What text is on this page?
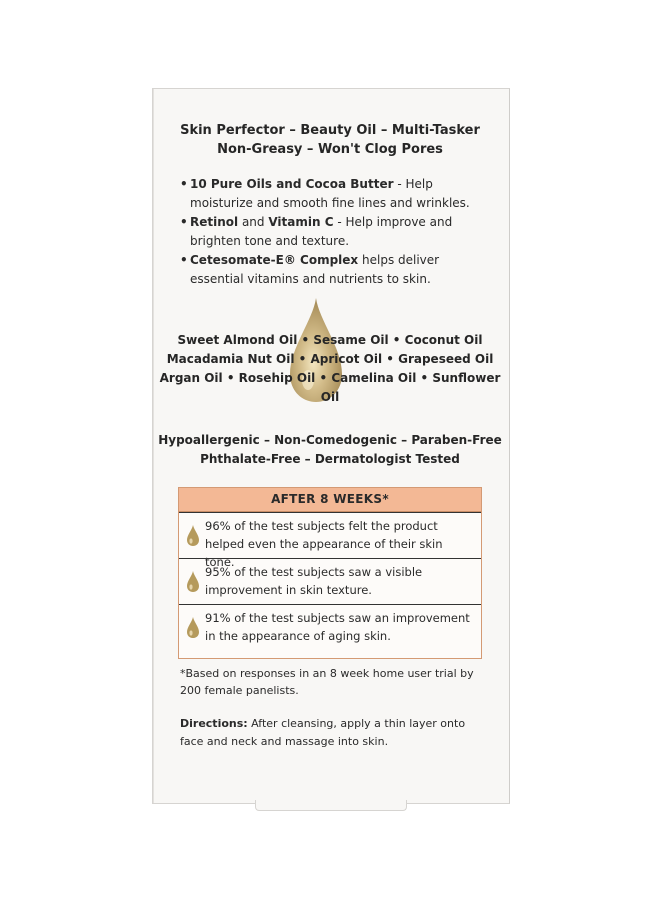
Skin Perfector – Beauty Oil – Multi-Tasker
Non-Greasy – Won't Clog Pores
• 10 Pure Oils and Cocoa Butter - Help moisturize and smooth fine lines and wrinkles.
• Retinol and Vitamin C - Help improve and brighten tone and texture.
• Cetesomate-E® Complex helps deliver essential vitamins and nutrients to skin.
Sweet Almond Oil • Sesame Oil • Coconut Oil
Macadamia Nut Oil • Apricot Oil • Grapeseed Oil
Argan Oil • Rosehip Oil • Camelina Oil • Sunflower Oil
Hypoallergenic – Non-Comedogenic – Paraben-Free
Phthalate-Free – Dermatologist Tested
AFTER 8 WEEKS*
96% of the test subjects felt the product helped even the appearance of their skin tone.
95% of the test subjects saw a visible improvement in skin texture.
91% of the test subjects saw an improvement in the appearance of aging skin.
*Based on responses in an 8 week home user trial by 200 female panelists.
Directions: After cleansing, apply a thin layer onto face and neck and massage into skin.
